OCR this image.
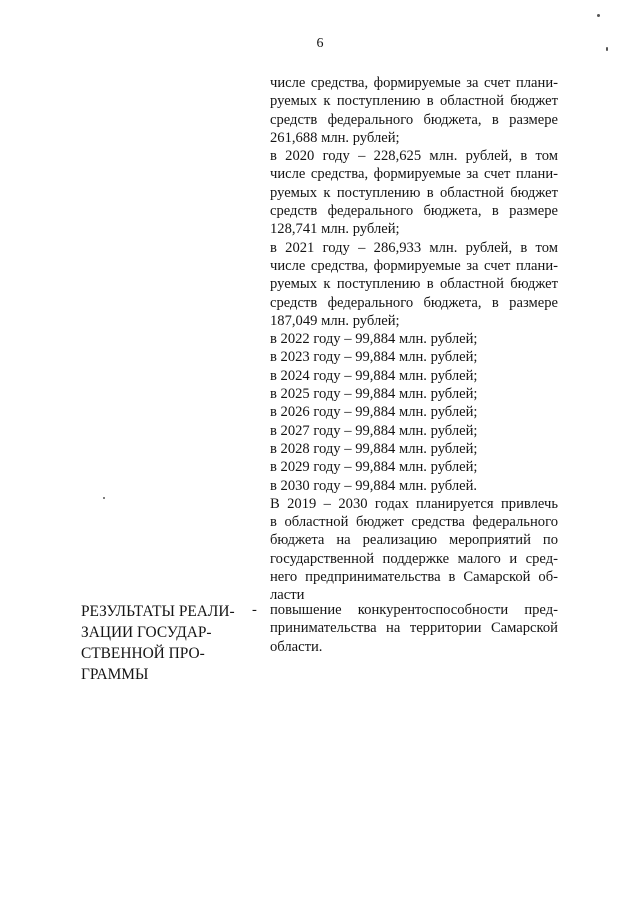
6
числе средства, формируемые за счет плани-
руемых к поступлению в областной бюджет
средств федерального бюджета, в размере
261,688 млн. рублей;
в 2020 году – 228,625 млн. рублей, в том
числе средства, формируемые за счет плани-
руемых к поступлению в областной бюджет
средств федерального бюджета, в размере
128,741 млн. рублей;
в 2021 году – 286,933 млн. рублей, в том
числе средства, формируемые за счет плани-
руемых к поступлению в областной бюджет
средств федерального бюджета, в размере
187,049 млн. рублей;
в 2022 году – 99,884 млн. рублей;
в 2023 году – 99,884 млн. рублей;
в 2024 году – 99,884 млн. рублей;
в 2025 году – 99,884 млн. рублей;
в 2026 году – 99,884 млн. рублей;
в 2027 году – 99,884 млн. рублей;
в 2028 году – 99,884 млн. рублей;
в 2029 году – 99,884 млн. рублей;
в 2030 году – 99,884 млн. рублей.
В 2019 – 2030 годах планируется привлечь
в областной бюджет средства федерального
бюджета на реализацию мероприятий по
государственной поддержке малого и сред-
него предпринимательства в Самарской об-
ласти
РЕЗУЛЬТАТЫ РЕАЛИ-
ЗАЦИИ ГОСУДАР-
СТВЕННОЙ ПРО-
ГРАММЫ
- повышение конкурентоспособности пред-
принимательства на территории Самарской
области.
